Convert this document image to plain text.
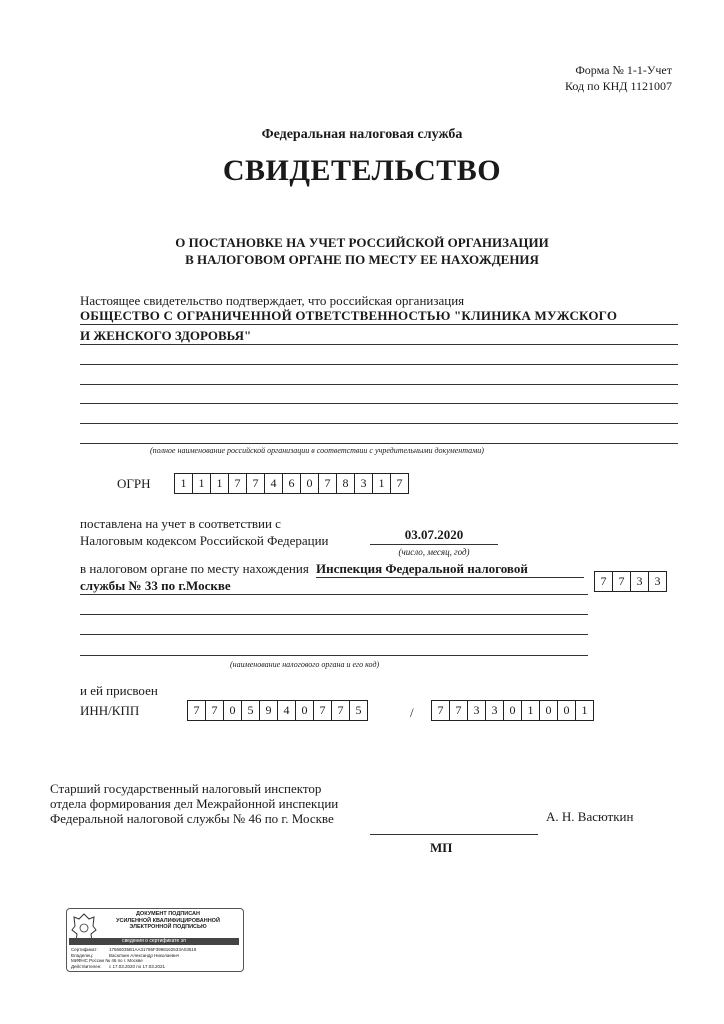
Форма № 1-1-Учет
Код по КНД 1121007
Федеральная налоговая служба
СВИДЕТЕЛЬСТВО
О ПОСТАНОВКЕ НА УЧЕТ РОССИЙСКОЙ ОРГАНИЗАЦИИ
В НАЛОГОВОМ ОРГАНЕ ПО МЕСТУ ЕЕ НАХОЖДЕНИЯ
Настоящее свидетельство подтверждает, что российская организация
ОБЩЕСТВО С ОГРАНИЧЕННОЙ ОТВЕТСТВЕННОСТЬЮ "КЛИНИКА МУЖСКОГО
И ЖЕНСКОГО ЗДОРОВЬЯ"
(полное наименование российской организации в соответствии с учредительными документами)
ОГРН	1	1	1	7	7	4	6	0	7	8	3	1	7
поставлена на учет в соответствии с
Налоговым кодексом Российской Федерации	03.07.2020
(число, месяц, год)
в налоговом органе по месту нахождения Инспекция Федеральной налоговой
службы № 33 по г.Москве	7	7	3	3
(наименование налогового органа и его код)
и ей присвоен
ИНН/КПП	7	7	0	5	9	4	0	7	7	5	/	7	7	3	3	0	1	0	0	1
Старший государственный налоговый инспектор
отдела формирования дел Межрайонной инспекции
Федеральной налоговой службы № 46 по г. Москве	А. Н. Васюткин
МП
ДОКУМЕНТ ПОДПИСАН
УСИЛЕННОЙ КВАЛИФИЦИРОВАННОЙ
ЭЛЕКТРОННОЙ ПОДПИСЬЮ
сведения о сертификате эп
Сертификат:	17566035B1AA31786F3998162533A03518
Владелец:	Васюткин Александр Николаевич
МИФНС России № 46 по г. Москве
Действителен:	с 17.03.2020 по 17.03.2021
